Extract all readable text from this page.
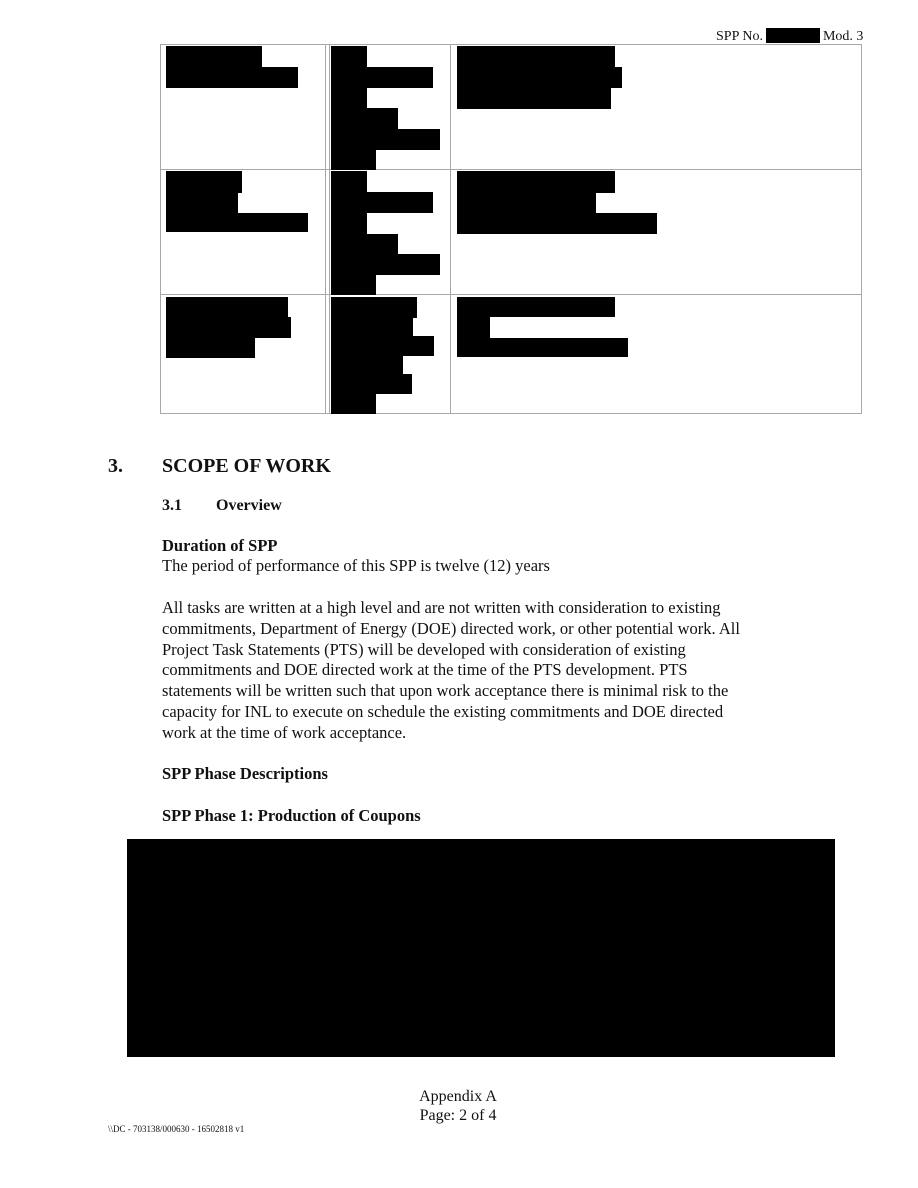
SPP No.	Mod. 3
3. SCOPE OF WORK
3.1 Overview
Duration of SPP
The period of performance of this SPP is twelve (12) years
All tasks are written at a high level and are not written with consideration to existing
commitments, Department of Energy (DOE) directed work, or other potential work. All
Project Task Statements (PTS) will be developed with consideration of existing
commitments and DOE directed work at the time of the PTS development. PTS
statements will be written such that upon work acceptance there is minimal risk to the
capacity for INL to execute on schedule the existing commitments and DOE directed
work at the time of work acceptance.
SPP Phase Descriptions
SPP Phase 1: Production of Coupons
Appendix A
Page: 2 of 4
\\DC - 703138/000630 - 16502818 v1
